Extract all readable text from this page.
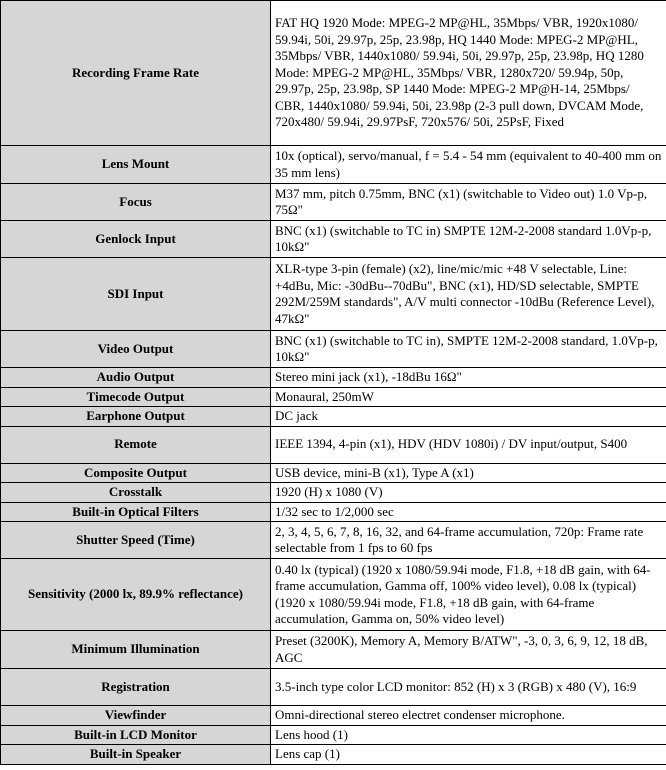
Recording Frame Rate	FAT HQ 1920 Mode: MPEG-2 MP@HL, 35Mbps/ VBR, 1920x1080/ 59.94i, 50i, 29.97p, 25p, 23.98p, HQ 1440 Mode: MPEG-2 MP@HL, 35Mbps/ VBR, 1440x1080/ 59.94i, 50i, 29.97p, 25p, 23.98p, HQ 1280 Mode: MPEG-2 MP@HL, 35Mbps/ VBR, 1280x720/ 59.94p, 50p, 29.97p, 25p, 23.98p, SP 1440 Mode: MPEG-2 MP@H-14, 25Mbps/ CBR, 1440x1080/ 59.94i, 50i, 23.98p (2-3 pull down, DVCAM Mode, 720x480/ 59.94i, 29.97PsF, 720x576/ 50i, 25PsF, Fixed
Lens Mount	10x (optical), servo/manual, f = 5.4 - 54 mm (equivalent to 40-400 mm on 35 mm lens)
Focus	M37 mm, pitch 0.75mm, BNC (x1) (switchable to Video out) 1.0 Vp-p, 75Ω"
Genlock Input	BNC (x1) (switchable to TC in) SMPTE 12M-2-2008 standard 1.0Vp-p, 10kΩ"
SDI Input	XLR-type 3-pin (female) (x2), line/mic/mic +48 V selectable, Line: +4dBu, Mic: -30dBu--70dBu", BNC (x1), HD/SD selectable, SMPTE 292M/259M standards", A/V multi connector -10dBu (Reference Level), 47kΩ"
Video Output	BNC (x1) (switchable to TC in), SMPTE 12M-2-2008 standard, 1.0Vp-p, 10kΩ"
Audio Output	Stereo mini jack (x1), -18dBu 16Ω"
Timecode Output	Monaural, 250mW
Earphone Output	DC jack
Remote	IEEE 1394, 4-pin (x1), HDV (HDV 1080i) / DV input/output, S400
Composite Output	USB device, mini-B (x1), Type A (x1)
Crosstalk	1920 (H) x 1080 (V)
Built-in Optical Filters	1/32 sec to 1/2,000 sec
Shutter Speed (Time)	2, 3, 4, 5, 6, 7, 8, 16, 32, and 64-frame accumulation, 720p: Frame rate selectable from 1 fps to 60 fps
Sensitivity (2000 lx, 89.9% reflectance)	0.40 lx (typical) (1920 x 1080/59.94i mode, F1.8, +18 dB gain, with 64-frame accumulation, Gamma off, 100% video level), 0.08 lx (typical) (1920 x 1080/59.94i mode, F1.8, +18 dB gain, with 64-frame accumulation, Gamma on, 50% video level)
Minimum Illumination	Preset (3200K), Memory A, Memory B/ATW", -3, 0, 3, 6, 9, 12, 18 dB, AGC
Registration	3.5-inch type color LCD monitor: 852 (H) x 3 (RGB) x 480 (V), 16:9
Viewfinder	Omni-directional stereo electret condenser microphone.
Built-in LCD Monitor	Lens hood (1)
Built-in Speaker	Lens cap (1)
